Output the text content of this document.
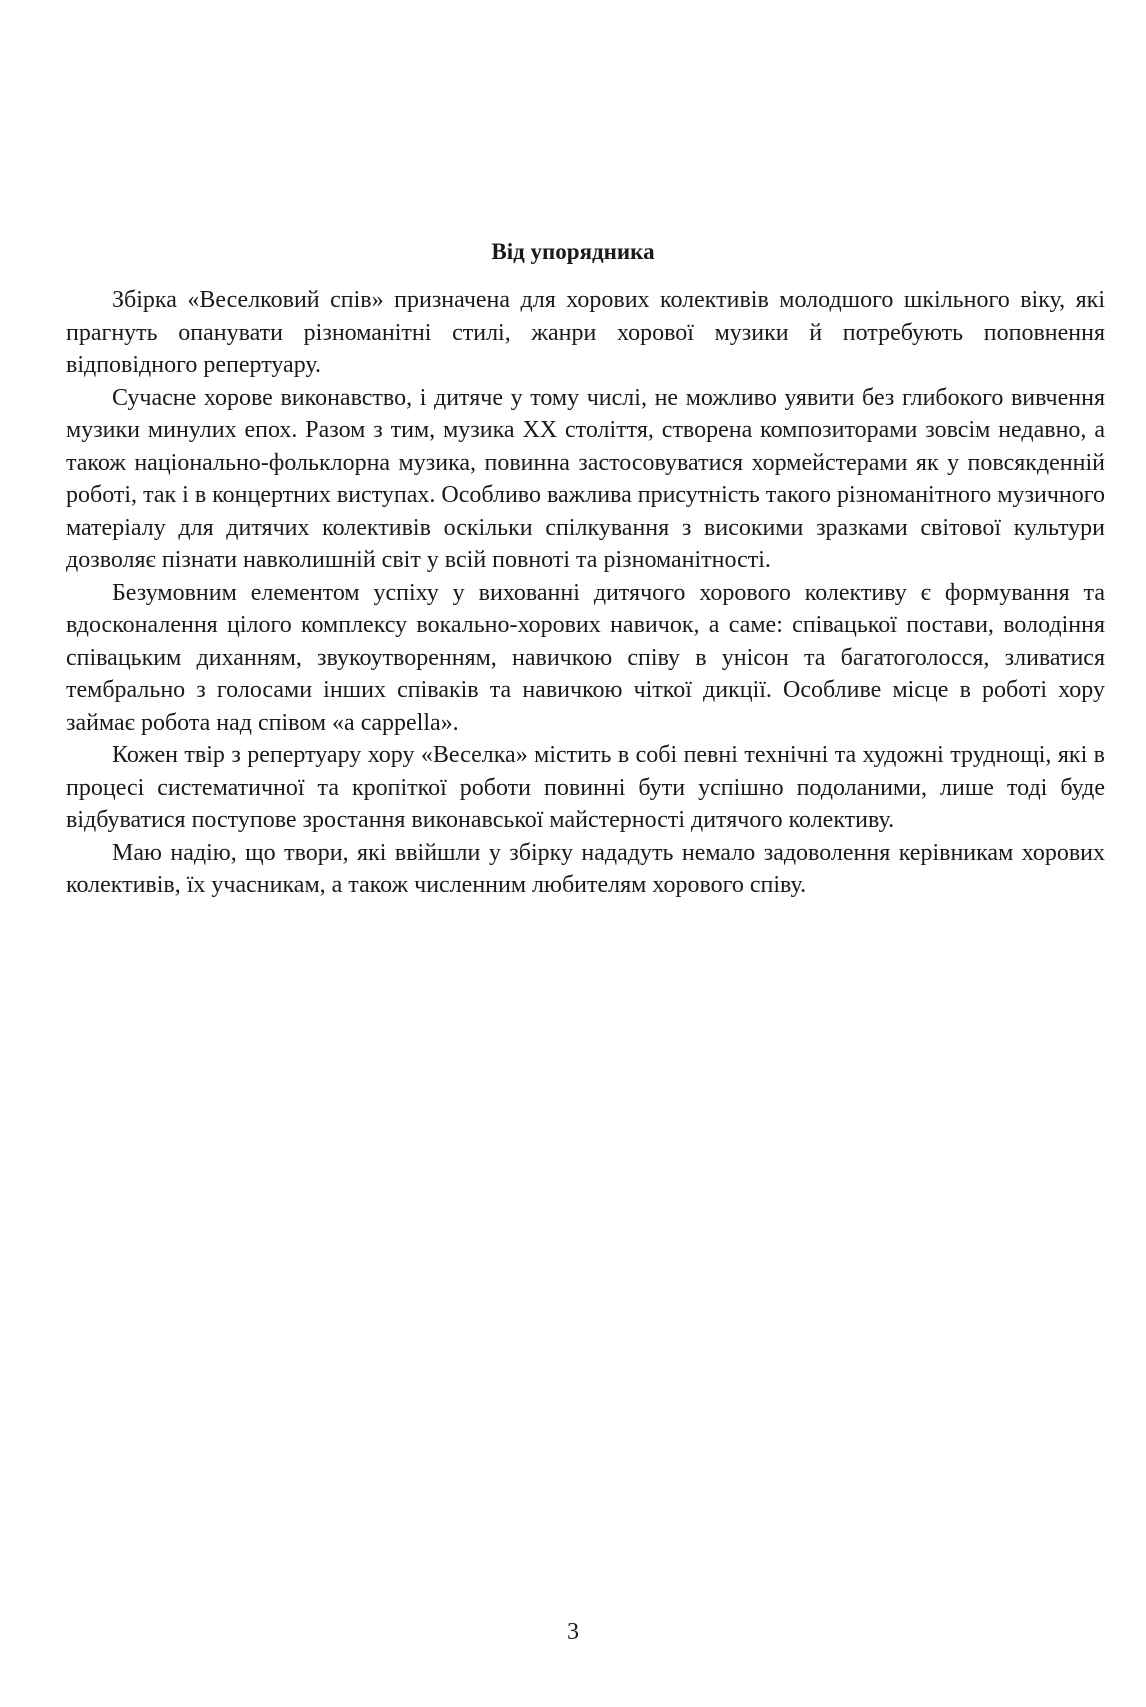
Від упорядника

Збірка «Веселковий спів» призначена для хорових колективів молодшого шкільного віку, які прагнуть опанувати різноманітні стилі, жанри хорової музики й потребують поповнення відповідного репертуару.

Сучасне хорове виконавство, і дитяче у тому числі, не можливо уявити без глибокого вивчення музики минулих епох. Разом з тим, музика XX століття, створена композиторами зовсім недавно, а також національно-фольклорна музика, повинна застосовуватися хормейстерами як у повсякденній роботі, так і в концертних виступах. Особливо важлива присутність такого різноманітного музичного матеріалу для дитячих колективів оскільки спілкування з високими зразками світової культури дозволяє пізнати навколишній світ у всій повноті та різноманітності.

Безумовним елементом успіху у вихованні дитячого хорового колективу є формування та вдосконалення цілого комплексу вокально-хорових навичок, а саме: співацької постави, володіння співацьким диханням, звукоутворенням, навичкою співу в унісон та багатоголосся, зливатися тембрально з голосами інших співаків та навичкою чіткої дикції. Особливе місце в роботі хору займає робота над співом «a cappella».

Кожен твір з репертуару хору «Веселка» містить в собі певні технічні та художні труднощі, які в процесі систематичної та кропіткої роботи повинні бути успішно подоланими, лише тоді буде відбуватися поступове зростання виконавської майстерності дитячого колективу.

Маю надію, що твори, які ввійшли у збірку нададуть немало задоволення керівникам хорових колективів, їх учасникам, а також численним любителям хорового співу.

3
